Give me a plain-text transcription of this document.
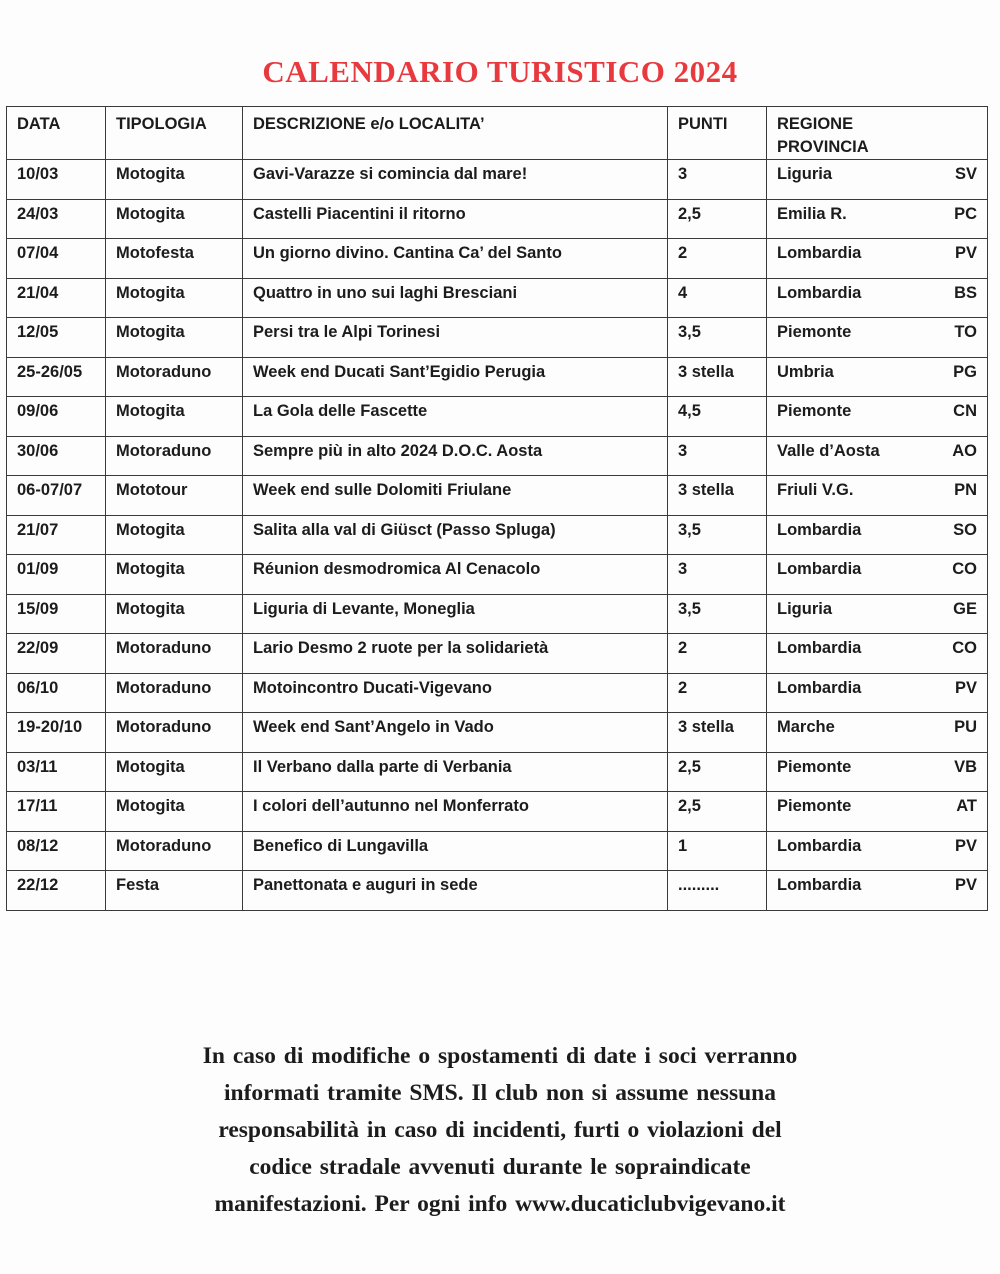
CALENDARIO TURISTICO 2024
DATA	TIPOLOGIA	DESCRIZIONE e/o LOCALITA’	PUNTI	REGIONE
PROVINCIA

10/03	Motogita	Gavi-Varazze si comincia dal mare!	3	Liguria SV

24/03	Motogita	Castelli Piacentini il ritorno	2,5	Emilia R. PC

07/04	Motofesta	Un giorno divino. Cantina Ca’ del Santo	2	Lombardia PV

21/04	Motogita	Quattro in uno sui laghi Bresciani	4	Lombardia BS

12/05	Motogita	Persi tra le Alpi Torinesi	3,5	Piemonte TO

25-26/05	Motoraduno	Week end Ducati Sant’Egidio Perugia	3 stella	Umbria PG

09/06	Motogita	La Gola delle Fascette	4,5	Piemonte CN

30/06	Motoraduno	Sempre più in alto 2024 D.O.C. Aosta	3	Valle d’Aosta AO

06-07/07	Mototour	Week end sulle Dolomiti Friulane	3 stella	Friuli V.G. PN

21/07	Motogita	Salita alla val di Giüsct (Passo Spluga)	3,5	Lombardia SO

01/09	Motogita	Réunion desmodromica Al Cenacolo	3	Lombardia CO

15/09	Motogita	Liguria di Levante, Moneglia	3,5	Liguria GE

22/09	Motoraduno	Lario Desmo 2 ruote per la solidarietà	2	Lombardia CO

06/10	Motoraduno	Motoincontro Ducati-Vigevano	2	Lombardia PV

19-20/10	Motoraduno	Week end Sant’Angelo in Vado	3 stella	Marche PU

03/11	Motogita	Il Verbano dalla parte di Verbania	2,5	Piemonte VB

17/11	Motogita	I colori dell’autunno nel Monferrato	2,5	Piemonte AT

08/12	Motoraduno	Benefico di Lungavilla	1	Lombardia PV

22/12	Festa	Panettonata e auguri in sede	.........	Lombardia PV
In caso di modifiche o spostamenti di date i soci verranno
informati tramite SMS. Il club non si assume nessuna
responsabilità in caso di incidenti, furti o violazioni del
codice stradale avvenuti durante le sopraindicate
manifestazioni. Per ogni info www.ducaticlubvigevano.it
